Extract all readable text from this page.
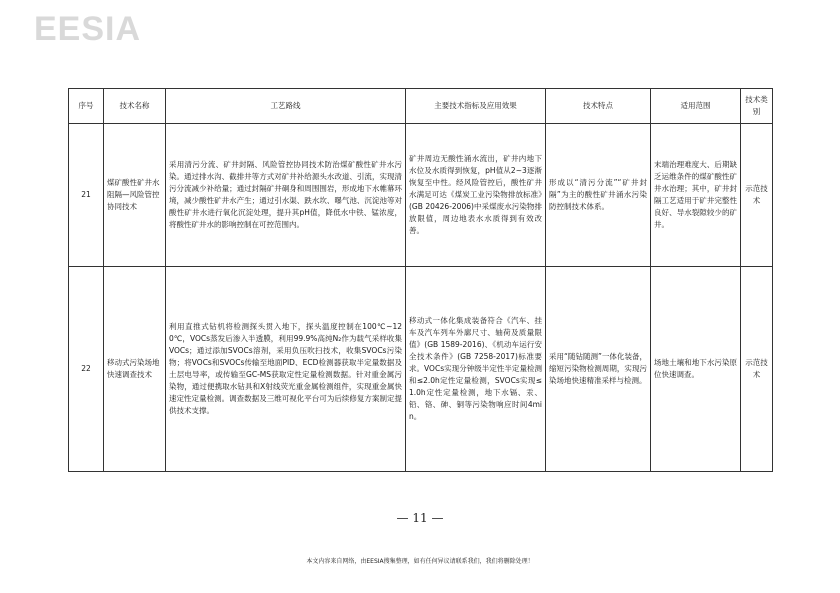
EESIA
序号	技术名称	工艺路线	主要技术指标及应用效果	技术特点	适用范围	技术类别
21	煤矿酸性矿井水阻隔—风险管控协同技术	采用清污分流、矿井封隔、风险管控协同技术防治煤矿酸性矿井水污染。通过排水沟、截排井等方式对矿井补给源头水改道、引流，实现清污分流减少补给量；通过封隔矿井硐身和周围围岩，形成地下水帷幕环境，减少酸性矿井水产生；通过引水渠、跌水坎、曝气池、沉淀池等对酸性矿井水进行氧化沉淀处理，提升其pH值，降低水中铁、锰浓度，将酸性矿井水的影响控制在可控范围内。	矿井周边无酸性涌水流出，矿井内地下水位及水质得到恢复，pH值从2~3逐渐恢复至中性。经风险管控后，酸性矿井水满足可达《煤炭工业污染物排放标准》(GB 20426-2006)中采煤废水污染物排放限值，周边地表水水质得到有效改善。	形成以“清污分流”“矿井封隔”为主的酸性矿井涌水污染防控制技术体系。	末端治理难度大、后期缺乏运维条件的煤矿酸性矿井水治理；其中，矿井封隔工艺适用于矿井完整性良好、导水裂隙较少的矿井。	示范技术
22	移动式污染场地快速调查技术	利用直推式钻机将检测探头贯入地下，探头温度控制在100℃~120℃，VOCs蒸发后渗入半透膜，利用99.9%高纯N₂作为载气采样收集VOCs；通过添加SVOCs溶剂，采用负压吹扫技术，收集SVOCs污染物；将VOCs和SVOCs传输至地面PID、ECD检测器获取半定量数据及土层电导率，或传输至GC-MS获取定性定量检测数据。针对重金属污染物，通过便携取水钻具和X射线荧光重金属检测组件，实现重金属快速定性定量检测。调查数据及三维可视化平台可为后续修复方案制定提供技术支撑。	移动式一体化集成装备符合《汽车、挂车及汽车列车外廓尺寸、轴荷及质量限值》(GB 1589-2016)、《机动车运行安全技术条件》(GB 7258-2017)标准要求。VOCs实现分钟级半定性半定量检测和≤2.0h定性定量检测，SVOCs实现≤1.0h定性定量检测，地下水镉、汞、铅、铬、砷、铜等污染物响应时间4min。	采用“随钻随测”一体化装备，缩短污染物检测周期，实现污染场地快速精准采样与检测。	场地土壤和地下水污染原位快速调查。	示范技术
— 11 —
本文内容来自网络，由EESIA搜集整理，如有任何异议请联系我们，我们将删除处理！
